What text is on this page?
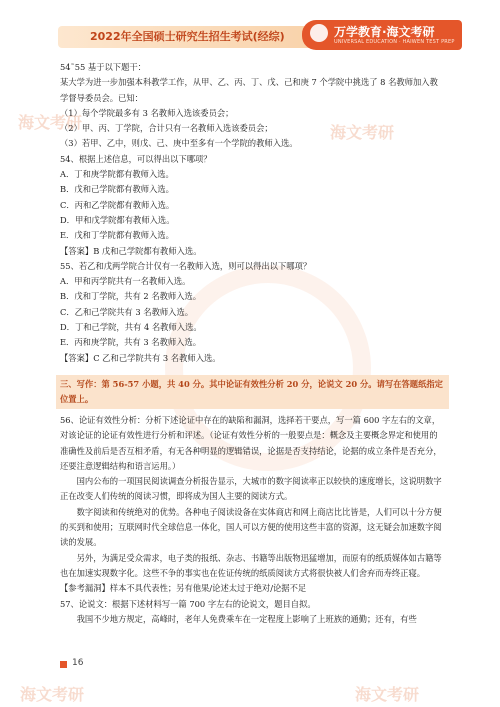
2022年全国硕士研究生招生考试(经综)	万学教育·海文考研
UNIVERSAL EDUCATION · HAIWEN TEST PREP
海文考研
海文考研
海文考研	海文考研

54˜55 基于以下题干：

某大学为进一步加强本科教学工作，从甲、乙、丙、丁、戊、己和庚 7 个学院中挑选了 8 名教师加入教学督导委员会。已知：

（1）每个学院最多有 3 名教师入选该委员会；

（2）甲、丙、丁学院，合计只有一名教师入选该委员会；

（3）若甲、乙中，则戊、己、庚中至多有一个学院的教师入选。

54、根据上述信息，可以得出以下哪项？

A．丁和庚学院都有教师入选。

B．戊和己学院都有教师入选。

C．丙和乙学院都有教师入选。

D．甲和戊学院都有教师入选。

E．戊和丁学院都有教师入选。

【答案】B 戊和己学院都有教师入选。

55、若乙和戊两学院合计仅有一名教师入选，则可以得出以下哪项？

A．甲和丙学院共有一名教师入选。

B．戊和丁学院，共有 2 名教师入选。

C．乙和己学院共有 3 名教师入选。

D．丁和己学院，共有 4 名教师入选。

E．丙和庚学院，共有 3 名教师入选。

【答案】C 乙和己学院共有 3 名教师入选。

三、写作：第 56-57 小题，共 40 分。其中论证有效性分析 20 分，论说文 20 分。请写在答题纸指定位置上。

56、论证有效性分析：分析下述论证中存在的缺陷和漏洞，选择若干要点，写一篇 600 字左右的文章，对该论证的论证有效性进行分析和评述。（论证有效性分析的一般要点是：概念及主要概念界定和使用的准确性及前后是否互相矛盾，有无各种明显的逻辑错误，论据是否支持结论，论据的成立条件是否充分，还要注意逻辑结构和语言运用。）

国内公布的一项国民阅读调查分析报告显示，大城市的数字阅读率正以较快的速度增长，这说明数字正在改变人们传统的阅读习惯，即将成为国人主要的阅读方式。

数字阅读和传统绝对的优势。各种电子阅读设备在实体商店和网上商店比比皆是，人们可以十分方便的买到和使用；互联网时代全球信息一体化，国人可以方便的使用这些丰富的资源，这无疑会加速数字阅读的发展。

另外，为满足受众需求，电子类的报纸、杂志、书籍等出版物迅猛增加，而原有的纸质媒体如古籍等也在加速实现数字化。这些不争的事实也在佐证传统的纸质阅读方式将很快被人们舍弃而寿终正寝。

【参考漏洞】样本不具代表性；另有他果/论述太过于绝对/论据不足

57、论说文：根据下述材料写一篇 700 字左右的论说文，题目自拟。

我国不少地方规定，高峰时，老年人免费乘车在一定程度上影响了上班族的通勤；还有，有些

16
